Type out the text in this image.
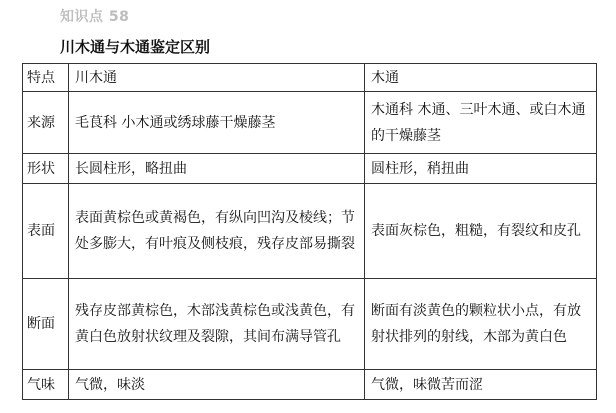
知识点 58
川木通与木通鉴定区别
特点	川木通	木通
来源	毛茛科 小木通或绣球藤干燥藤茎	木通科 木通、三叶木通、或白木通的干燥藤茎
形状	长圆柱形，略扭曲	圆柱形，稍扭曲
表面	表面黄棕色或黄褐色，有纵向凹沟及棱线；节处多膨大，有叶痕及侧枝痕，残存皮部易撕裂	表面灰棕色，粗糙，有裂纹和皮孔
断面	残存皮部黄棕色，木部浅黄棕色或浅黄色，有黄白色放射状纹理及裂隙，其间布满导管孔	断面有淡黄色的颗粒状小点，有放射状排列的射线，木部为黄白色
气味	气微，味淡	气微，味微苦而涩
